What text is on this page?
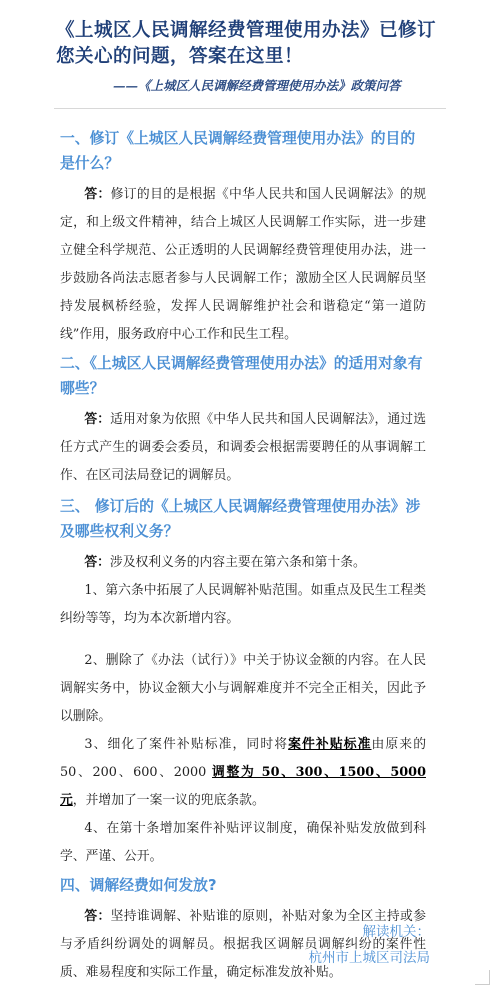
《上城区人民调解经费管理使用办法》已修订
您关心的问题，答案在这里！
——《上城区人民调解经费管理使用办法》政策问答
一、修订《上城区人民调解经费管理使用办法》的目的是什么？

答：修订的目的是根据《中华人民共和国人民调解法》的规定，和上级文件精神，结合上城区人民调解工作实际，进一步建立健全科学规范、公正透明的人民调解经费管理使用办法，进一步鼓励各尚法志愿者参与人民调解工作；激励全区人民调解员坚持发展枫桥经验，发挥人民调解维护社会和谐稳定“第一道防线”作用，服务政府中心工作和民生工程。

二、《上城区人民调解经费管理使用办法》的适用对象有哪些？

答：适用对象为依照《中华人民共和国人民调解法》，通过选任方式产生的调委会委员，和调委会根据需要聘任的从事调解工作、在区司法局登记的调解员。

三、 修订后的《上城区人民调解经费管理使用办法》涉及哪些权利义务？

答：涉及权利义务的内容主要在第六条和第十条。

1、第六条中拓展了人民调解补贴范围。如重点及民生工程类纠纷等等，均为本次新增内容。

2、删除了《办法（试行）》中关于协议金额的内容。在人民调解实务中，协议金额大小与调解难度并不完全正相关，因此予以删除。

3、细化了案件补贴标准，同时将案件补贴标准由原来的 50、200、600、2000 调整为 50、300、1500、5000 元，并增加了一案一议的兜底条款。

4、在第十条增加案件补贴评议制度，确保补贴发放做到科学、严谨、公开。

四、调解经费如何发放?

答：坚持谁调解、补贴谁的原则，补贴对象为全区主持或参与矛盾纠纷调处的调解员。根据我区调解员调解纠纷的案件性质、难易程度和实际工作量，确定标准发放补贴。

解读机关：
杭州市上城区司法局
